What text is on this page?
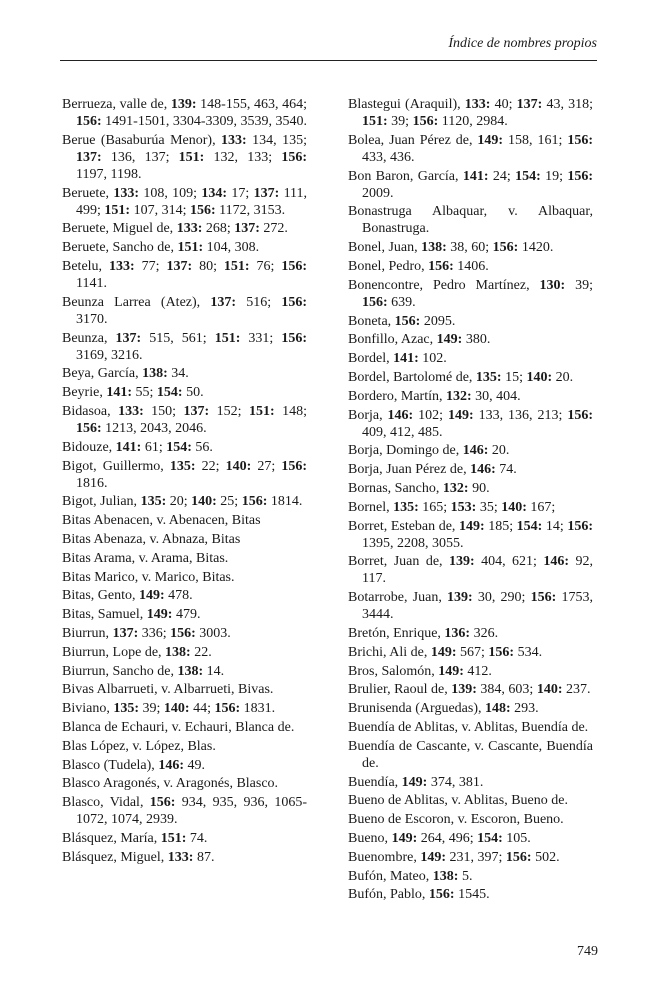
Índice de nombres propios
Berrueza, valle de, 139: 148-155, 463, 464; 156: 1491-1501, 3304-3309, 3539, 3540.
Berue (Basaburúa Menor), 133: 134, 135; 137: 136, 137; 151: 132, 133; 156: 1197, 1198.
Beruete, 133: 108, 109; 134: 17; 137: 111, 499; 151: 107, 314; 156: 1172, 3153.
Beruete, Miguel de, 133: 268; 137: 272.
Beruete, Sancho de, 151: 104, 308.
Betelu, 133: 77; 137: 80; 151: 76; 156: 1141.
Beunza Larrea (Atez), 137: 516; 156: 3170.
Beunza, 137: 515, 561; 151: 331; 156: 3169, 3216.
Beya, García, 138: 34.
Beyrie, 141: 55; 154: 50.
Bidasoa, 133: 150; 137: 152; 151: 148; 156: 1213, 2043, 2046.
Bidouze, 141: 61; 154: 56.
Bigot, Guillermo, 135: 22; 140: 27; 156: 1816.
Bigot, Julian, 135: 20; 140: 25; 156: 1814.
Bitas Abenacen, v. Abenacen, Bitas
Bitas Abenaza, v. Abnaza, Bitas
Bitas Arama, v. Arama, Bitas.
Bitas Marico, v. Marico, Bitas.
Bitas, Gento, 149: 478.
Bitas, Samuel, 149: 479.
Biurrun, 137: 336; 156: 3003.
Biurrun, Lope de, 138: 22.
Biurrun, Sancho de, 138: 14.
Bivas Albarrueti, v. Albarrueti, Bivas.
Biviano, 135: 39; 140: 44; 156: 1831.
Blanca de Echauri, v. Echauri, Blanca de.
Blas López, v. López, Blas.
Blasco (Tudela), 146: 49.
Blasco Aragonés, v. Aragonés, Blasco.
Blasco, Vidal, 156: 934, 935, 936, 1065-1072, 1074, 2939.
Blásquez, María, 151: 74.
Blásquez, Miguel, 133: 87.
Blastegui (Araquil), 133: 40; 137: 43, 318; 151: 39; 156: 1120, 2984.
Bolea, Juan Pérez de, 149: 158, 161; 156: 433, 436.
Bon Baron, García, 141: 24; 154: 19; 156: 2009.
Bonastruga Albaquar, v. Albaquar, Bonastruga.
Bonel, Juan, 138: 38, 60; 156: 1420.
Bonel, Pedro, 156: 1406.
Bonencontre, Pedro Martínez, 130: 39; 156: 639.
Boneta, 156: 2095.
Bonfillo, Azac, 149: 380.
Bordel, 141: 102.
Bordel, Bartolomé de, 135: 15; 140: 20.
Bordero, Martín, 132: 30, 404.
Borja, 146: 102; 149: 133, 136, 213; 156: 409, 412, 485.
Borja, Domingo de, 146: 20.
Borja, Juan Pérez de, 146: 74.
Bornas, Sancho, 132: 90.
Bornel, 135: 165; 153: 35; 140: 167;
Borret, Esteban de, 149: 185; 154: 14; 156: 1395, 2208, 3055.
Borret, Juan de, 139: 404, 621; 146: 92, 117.
Botarrobe, Juan, 139: 30, 290; 156: 1753, 3444.
Bretón, Enrique, 136: 326.
Brichi, Ali de, 149: 567; 156: 534.
Bros, Salomón, 149: 412.
Brulier, Raoul de, 139: 384, 603; 140: 237.
Brunisenda (Arguedas), 148: 293.
Buendía de Ablitas, v. Ablitas, Buendía de.
Buendía de Cascante, v. Cascante, Buendía de.
Buendía, 149: 374, 381.
Bueno de Ablitas, v. Ablitas, Bueno de.
Bueno de Escoron, v. Escoron, Bueno.
Bueno, 149: 264, 496; 154: 105.
Buenombre, 149: 231, 397; 156: 502.
Bufón, Mateo, 138: 5.
Bufón, Pablo, 156: 1545.
749
